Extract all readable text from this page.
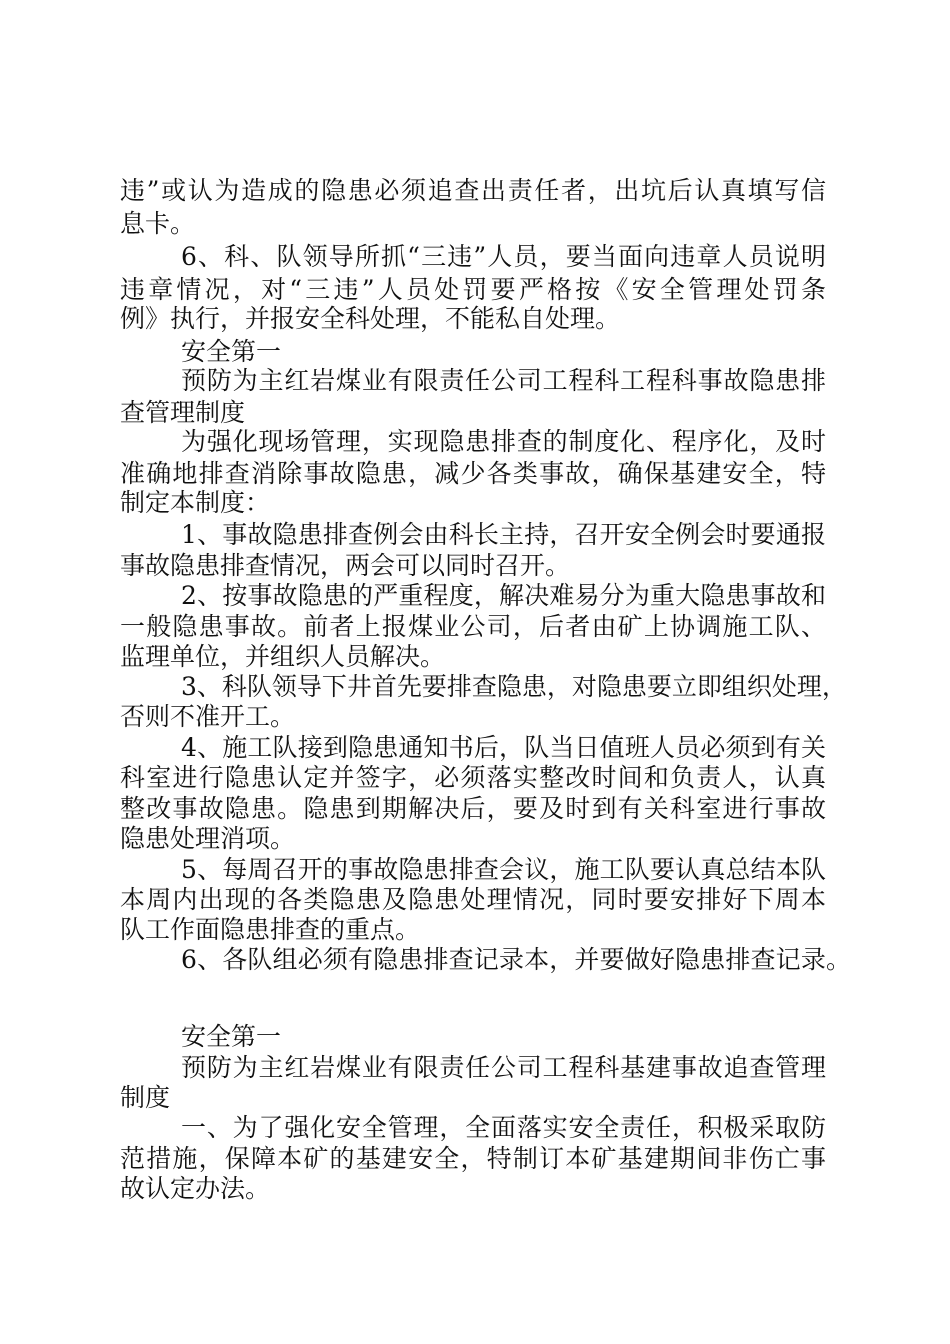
违”或认为造成的隐患必须追查出责任者，出坑后认真填写信
息卡。
6、科、队领导所抓“三违”人员，要当面向违章人员说明
违章情况，对“三违”人员处罚要严格按《安全管理处罚条
例》执行，并报安全科处理，不能私自处理。
安全第一
预防为主红岩煤业有限责任公司工程科工程科事故隐患排
查管理制度
为强化现场管理，实现隐患排查的制度化、程序化，及时
准确地排查消除事故隐患，减少各类事故，确保基建安全，特
制定本制度：
1、事故隐患排查例会由科长主持，召开安全例会时要通报
事故隐患排查情况，两会可以同时召开。
2、按事故隐患的严重程度，解决难易分为重大隐患事故和
一般隐患事故。前者上报煤业公司，后者由矿上协调施工队、
监理单位，并组织人员解决。
3、科队领导下井首先要排查隐患，对隐患要立即组织处理，
否则不准开工。
4、施工队接到隐患通知书后，队当日值班人员必须到有关
科室进行隐患认定并签字，必须落实整改时间和负责人，认真
整改事故隐患。隐患到期解决后，要及时到有关科室进行事故
隐患处理消项。
5、每周召开的事故隐患排查会议，施工队要认真总结本队
本周内出现的各类隐患及隐患处理情况，同时要安排好下周本
队工作面隐患排查的重点。
6、各队组必须有隐患排查记录本，并要做好隐患排查记录。
安全第一
预防为主红岩煤业有限责任公司工程科基建事故追查管理
制度
一、为了强化安全管理，全面落实安全责任，积极采取防
范措施，保障本矿的基建安全，特制订本矿基建期间非伤亡事
故认定办法。
